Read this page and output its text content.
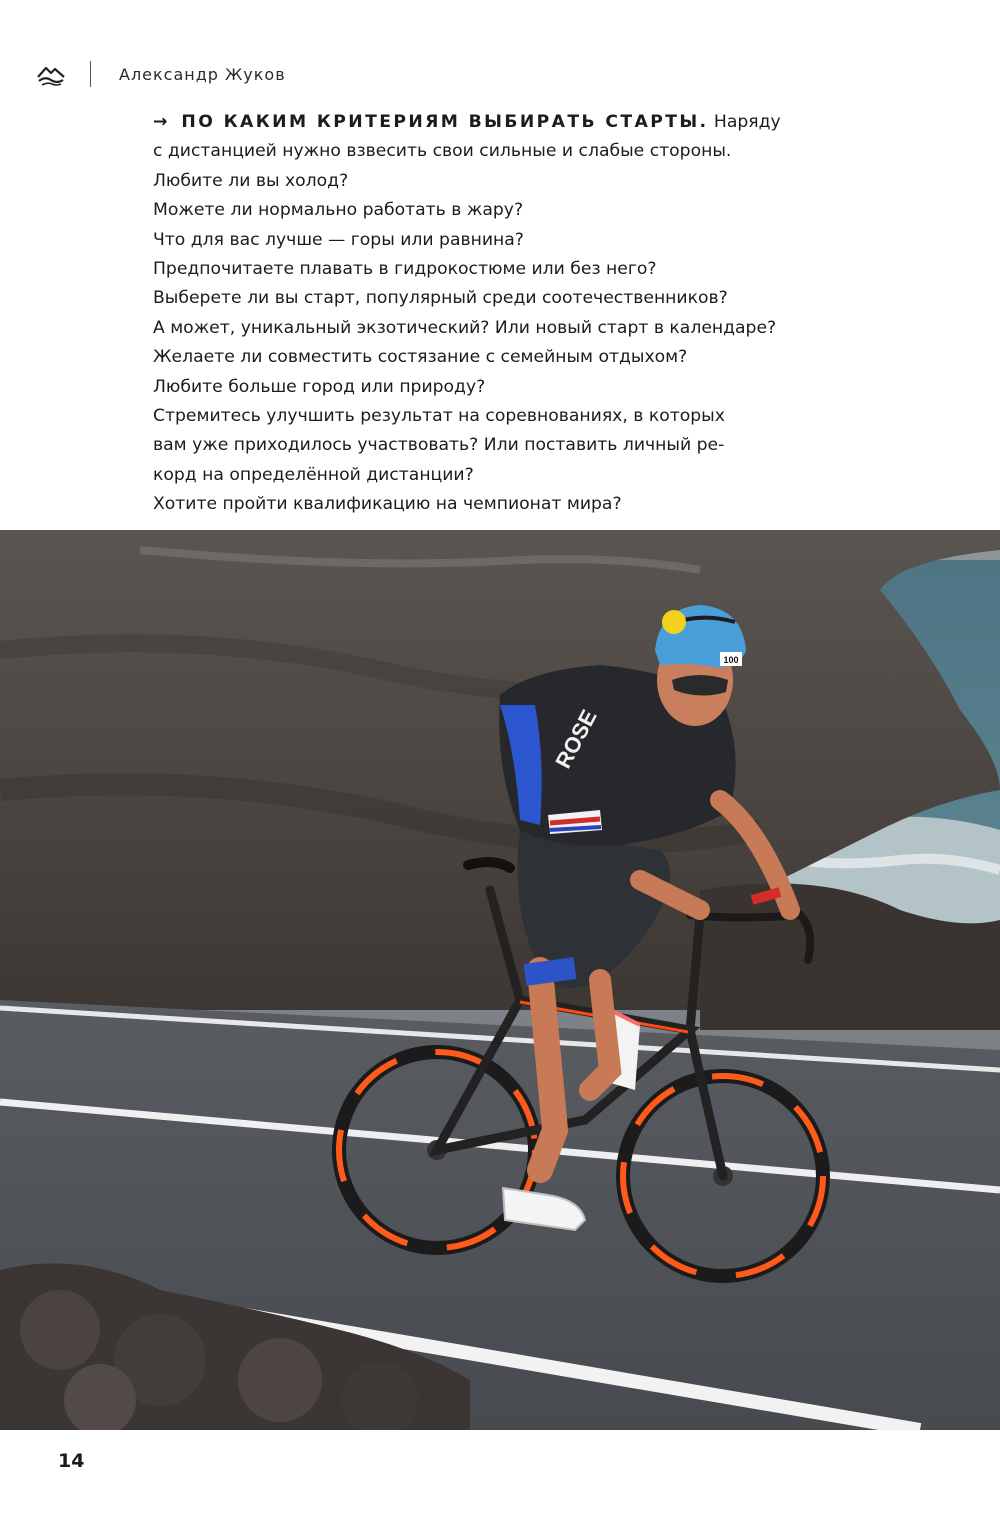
Александр Жуков
→ ПО КАКИМ КРИТЕРИЯМ ВЫБИРАТЬ СТАРТЫ. Наряду
с дистанцией нужно взвесить свои сильные и слабые стороны.
Любите ли вы холод?
Можете ли нормально работать в жару?
Что для вас лучше — горы или равнина?
Предпочитаете плавать в гидрокостюме или без него?
Выберете ли вы старт, популярный среди соотечественников?
А может, уникальный экзотический? Или новый старт в календаре?
Желаете ли совместить состязание с семейным отдыхом?
Любите больше город или природу?
Стремитесь улучшить результат на соревнованиях, в которых
вам уже приходилось участвовать? Или поставить личный ре-
корд на определённой дистанции?
Хотите пройти квалификацию на чемпионат мира?
ROSE
100
14
